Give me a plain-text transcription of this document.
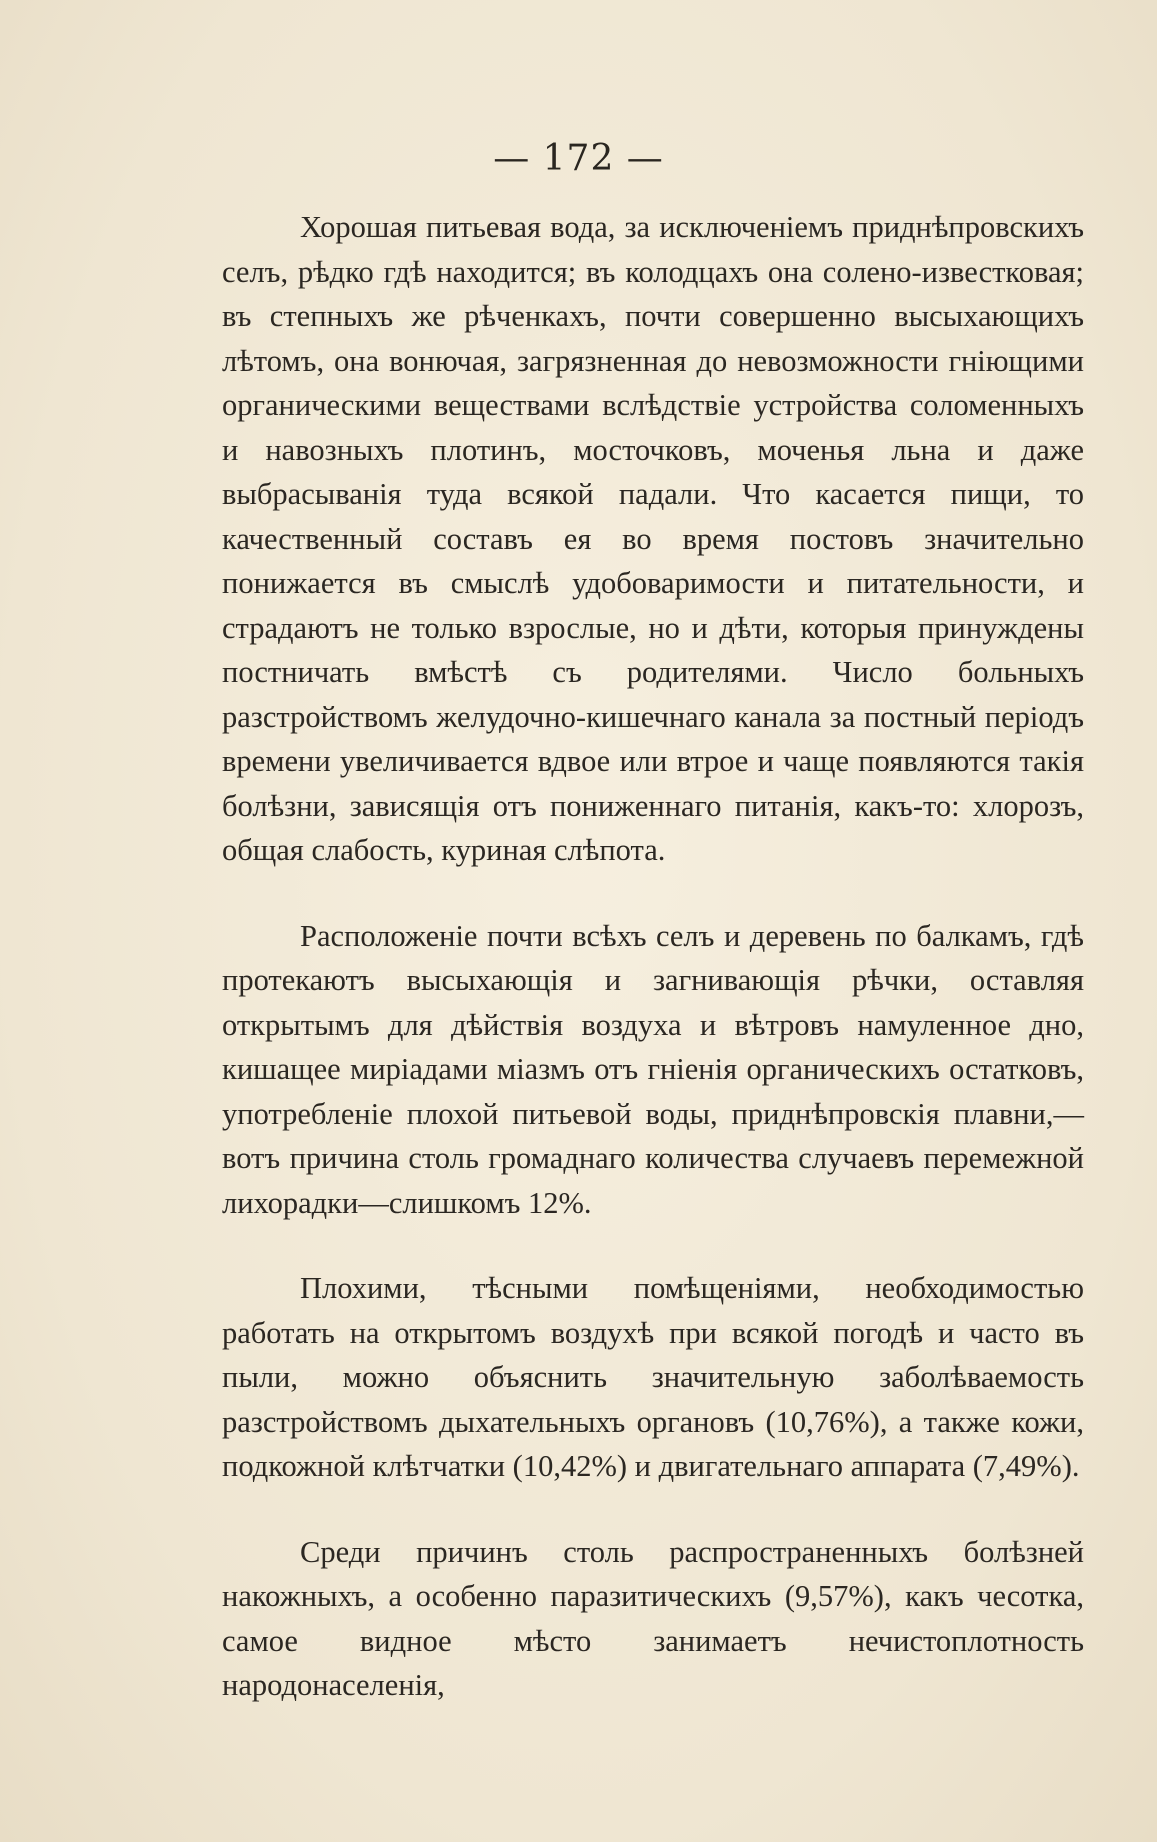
— 172 —

Хорошая питьевая вода, за исключеніемъ приднѣпровскихъ селъ, рѣдко гдѣ находится; въ колодцахъ она солено-известковая; въ степныхъ же рѣченкахъ, почти совершенно высыхающихъ лѣтомъ, она вонючая, загрязненная до невозможности гніющими органическими веществами вслѣдствіе устройства соломенныхъ и навозныхъ плотинъ, мосточковъ, моченья льна и даже выбрасыванія туда всякой падали. Что касается пищи, то качественный составъ ея во время постовъ значительно понижается въ смыслѣ удобоваримости и питательности, и страдаютъ не только взрослые, но и дѣти, которыя принуждены постничать вмѣстѣ съ родителями. Число больныхъ разстройствомъ желудочно-кишечнаго канала за постный періодъ времени увеличивается вдвое или втрое и чаще появляются такія болѣзни, зависящія отъ пониженнаго питанія, какъ-то: хлорозъ, общая слабость, куриная слѣпота.

Расположеніе почти всѣхъ селъ и деревень по балкамъ, гдѣ протекаютъ высыхающія и загнивающія рѣчки, оставляя открытымъ для дѣйствія воздуха и вѣтровъ намуленное дно, кишащее миріадами міазмъ отъ гніенія органическихъ остатковъ, употребленіе плохой питьевой воды, приднѣпровскія плавни,—вотъ причина столь громаднаго количества случаевъ перемежной лихорадки—слишкомъ 12%.

Плохими, тѣсными помѣщеніями, необходимостью работать на открытомъ воздухѣ при всякой погодѣ и часто въ пыли, можно объяснить значительную заболѣваемость разстройствомъ дыхательныхъ органовъ (10,76%), а также кожи, подкожной клѣтчатки (10,42%) и двигательнаго аппарата (7,49%).

Среди причинъ столь распространенныхъ болѣзней накожныхъ, а особенно паразитическихъ (9,57%), какъ чесотка, самое видное мѣсто занимаетъ нечистоплотность народонаселенія,
